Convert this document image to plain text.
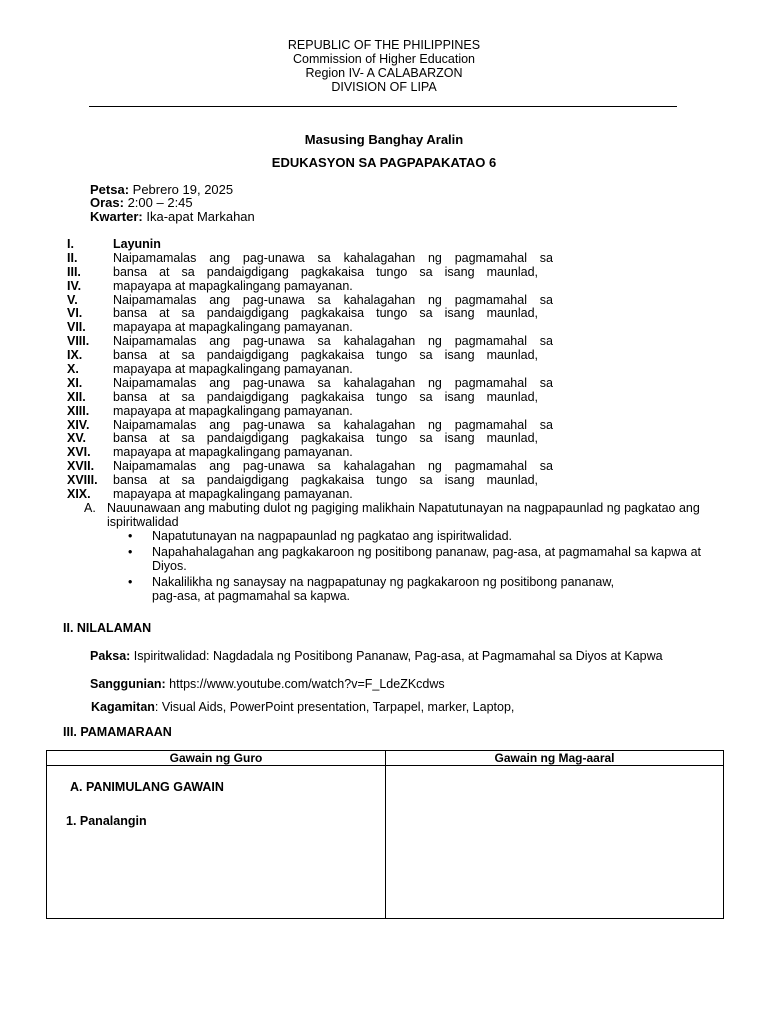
REPUBLIC OF THE PHILIPPINES
Commission of Higher Education
Region IV- A CALABARZON
DIVISION OF LIPA
Masusing Banghay Aralin
EDUKASYON SA PAGPAPAKATAO 6
Petsa: Pebrero 19, 2025
Oras: 2:00 – 2:45
Kwarter: Ika-apat Markahan
I.	Layunin
II.	Naipamamalas ang pag-unawa sa kahalagahan ng pagmamahal sa
III.	bansa at sa pandaigdigang pagkakaisa tungo sa isang maunlad,
IV.	mapayapa at mapagkalingang pamayanan.
V.	Naipamamalas ang pag-unawa sa kahalagahan ng pagmamahal sa
VI. bansa at sa pandaigdigang pagkakaisa tungo sa isang maunlad,
VII. mapayapa at mapagkalingang pamayanan.
VIII. Naipamamalas ang pag-unawa sa kahalagahan ng pagmamahal sa
IX. bansa at sa pandaigdigang pagkakaisa tungo sa isang maunlad,
X.	mapayapa at mapagkalingang pamayanan.
XI. Naipamamalas ang pag-unawa sa kahalagahan ng pagmamahal sa
XII. bansa at sa pandaigdigang pagkakaisa tungo sa isang maunlad,
XIII. mapayapa at mapagkalingang pamayanan.
XIV. Naipamamalas ang pag-unawa sa kahalagahan ng pagmamahal sa
XV. bansa at sa pandaigdigang pagkakaisa tungo sa isang maunlad,
XVI. mapayapa at mapagkalingang pamayanan.
XVII. Naipamamalas ang pag-unawa sa kahalagahan ng pagmamahal sa
XVIII. bansa at sa pandaigdigang pagkakaisa tungo sa isang maunlad,
XIX. mapayapa at mapagkalingang pamayanan.
A. Nauunawaan ang mabuting dulot ng pagiging malikhain Napatutunayan na nagpapaunlad ng pagkatao ang ispiritwalidad
• Napatutunayan na nagpapaunlad ng pagkatao ang ispiritwalidad.
• Napahahalagahan ang pagkakaroon ng positibong pananaw, pag-asa, at pagmamahal sa kapwa at Diyos.
• Nakalilikha ng sanaysay na nagpapatunay ng pagkakaroon ng positibong pananaw, pag-asa, at pagmamahal sa kapwa.
II. NILALAMAN
Paksa: Ispiritwalidad: Nagdadala ng Positibong Pananaw, Pag-asa, at Pagmamahal sa Diyos at Kapwa
Sanggunian: https://www.youtube.com/watch?v=F_LdeZKcdws
Kagamitan: Visual Aids, PowerPoint presentation, Tarpapel, marker, Laptop,
III. PAMAMARAAN
Gawain ng Guro	Gawain ng Mag-aaral

A. PANIMULANG GAWAIN
1. Panalangin	
